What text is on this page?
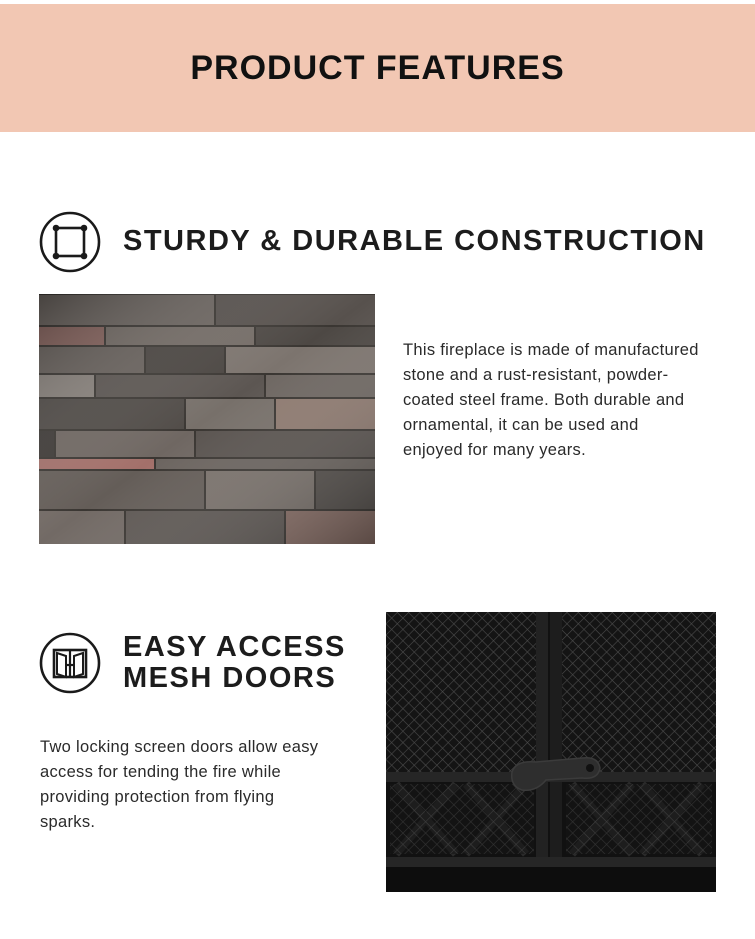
PRODUCT FEATURES
STURDY & DURABLE CONSTRUCTION

This fireplace is made of manufactured stone and a rust-resistant, powder-coated steel frame. Both durable and ornamental, it can be used and enjoyed for many years.

EASY ACCESS MESH DOORS

Two locking screen doors allow easy access for tending the fire while providing protection from flying sparks.
